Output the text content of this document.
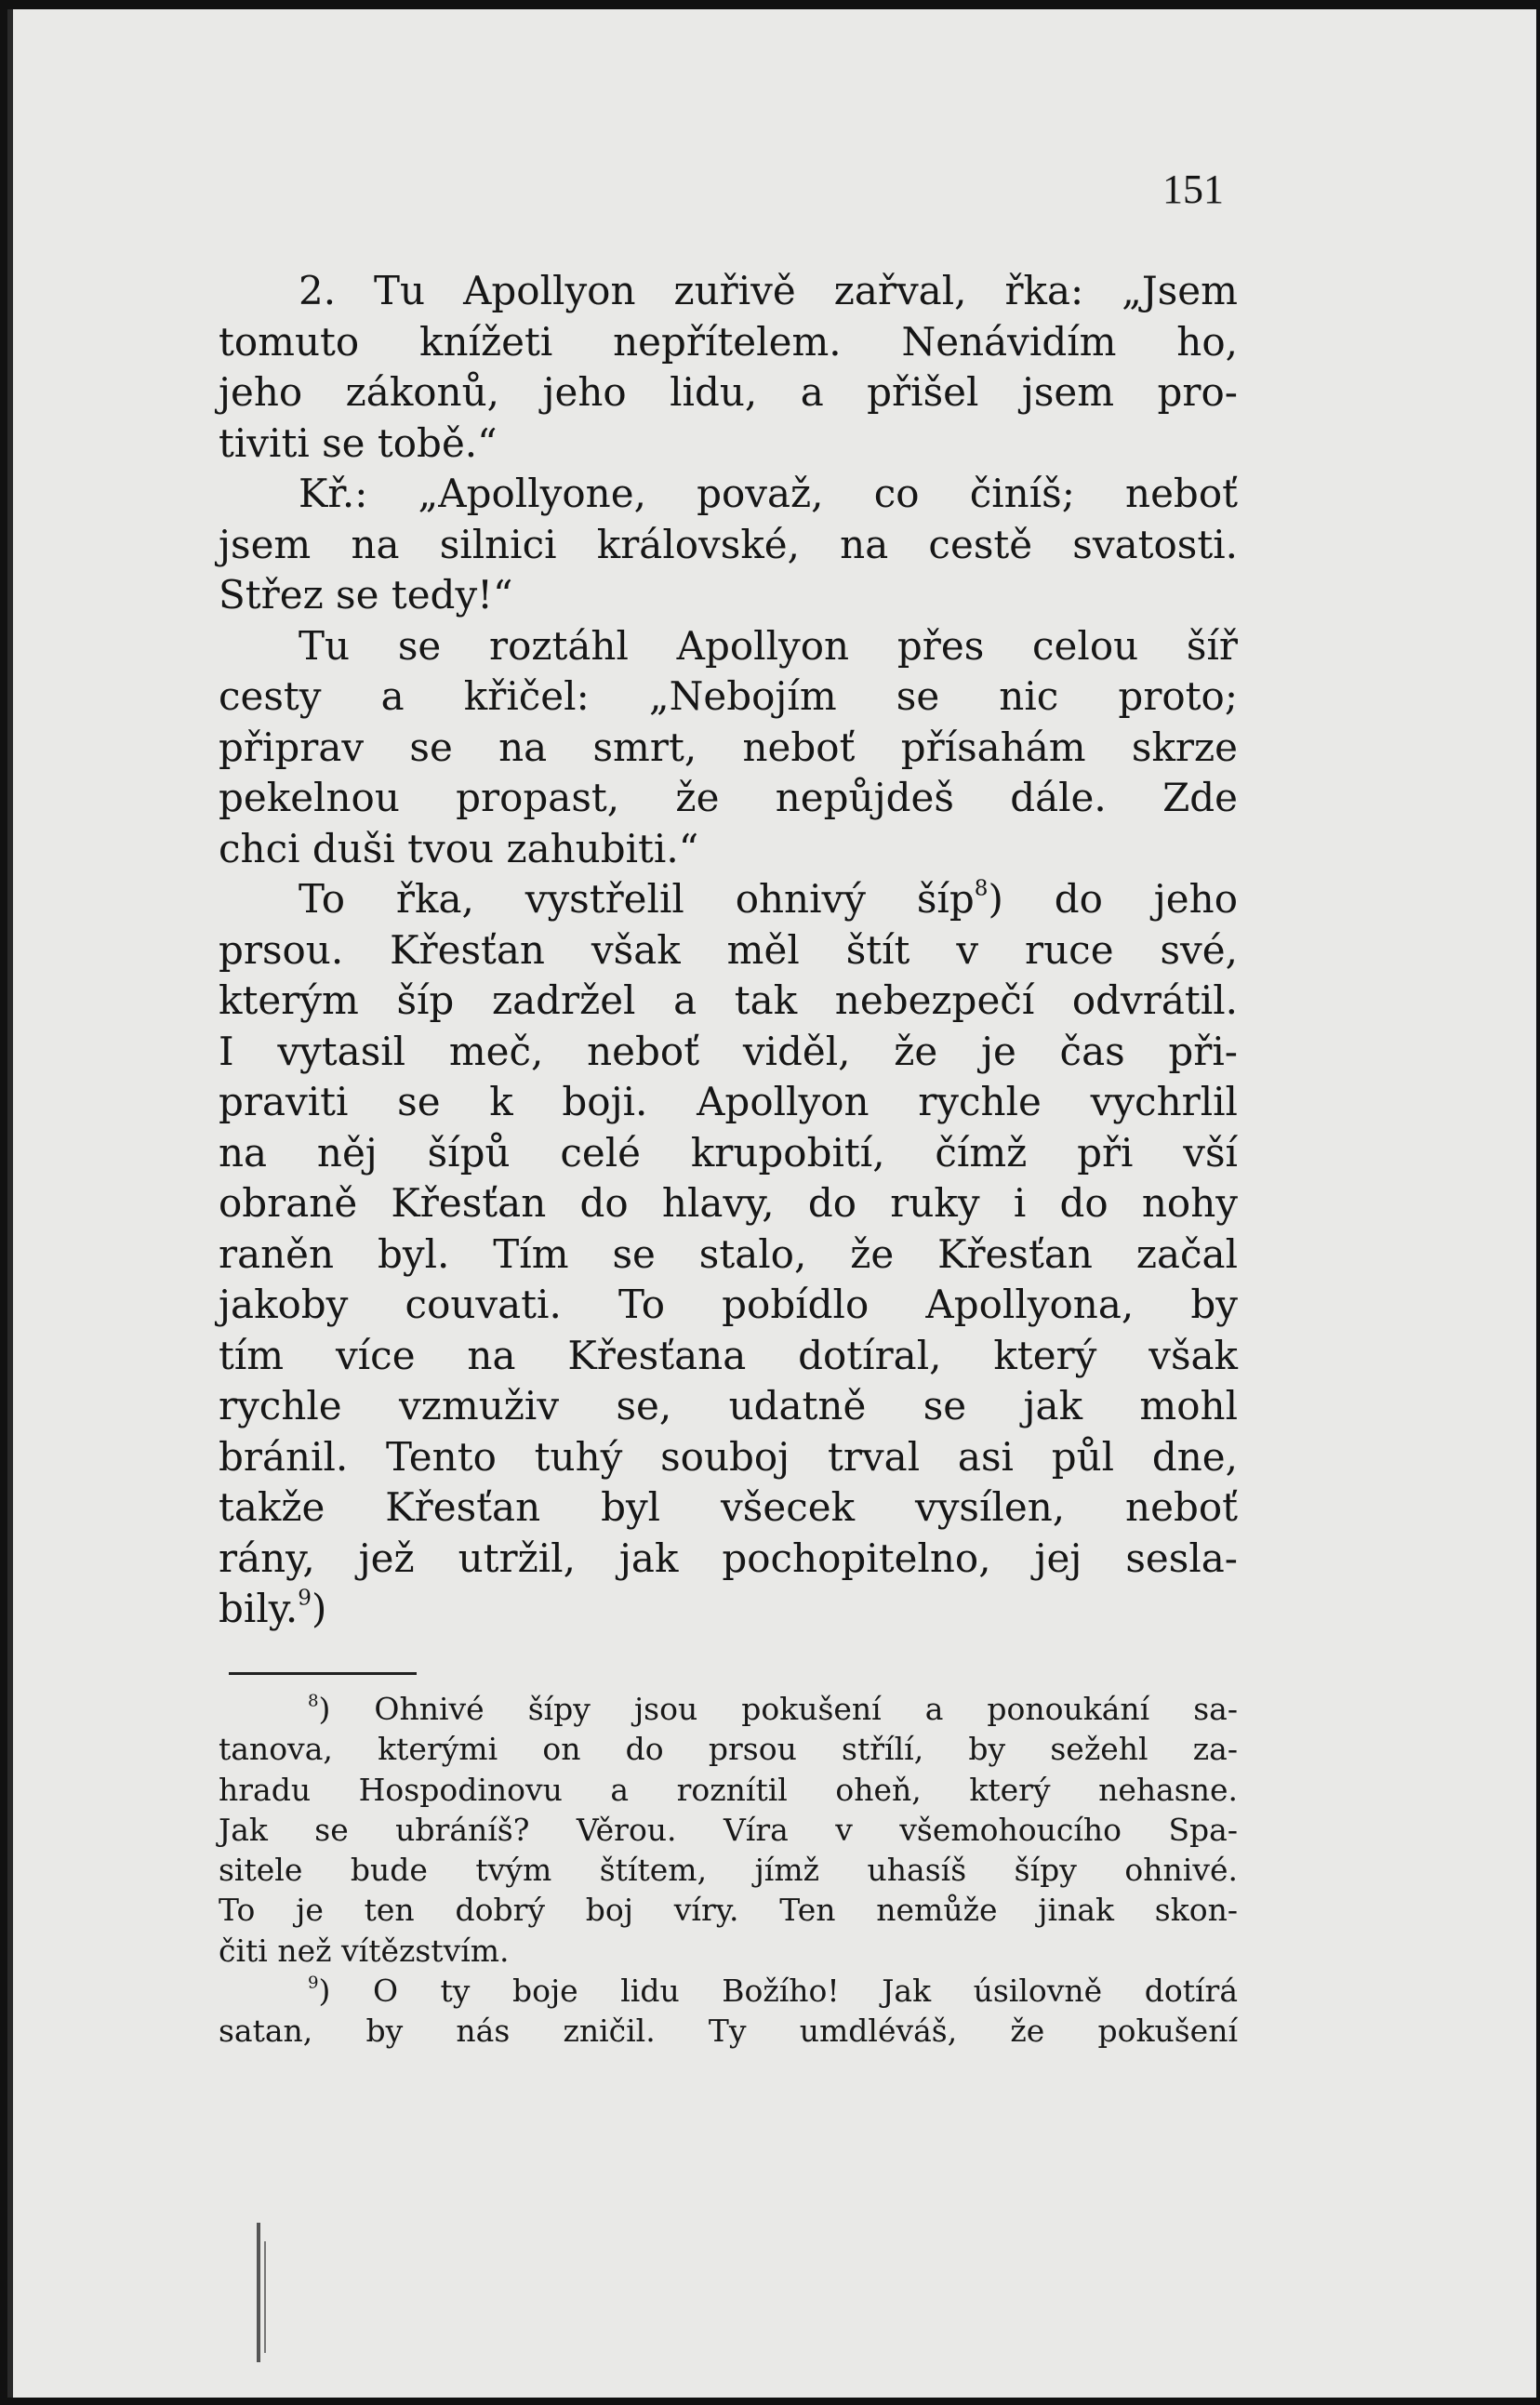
151
2. Tu Apollyon zuřivě zařval, řka: „Jsem
tomuto knížeti nepřítelem. Nenávidím ho,
jeho zákonů, jeho lidu, a přišel jsem pro-
tiviti se tobě.“
Kř.: „Apollyone, považ, co činíš; neboť
jsem na silnici královské, na cestě svatosti.
Střez se tedy!“
Tu se roztáhl Apollyon přes celou šíř
cesty a křičel: „Nebojím se nic proto;
připrav se na smrt, neboť přísahám skrze
pekelnou propast, že nepůjdeš dále. Zde
chci duši tvou zahubiti.“
To řka, vystřelil ohnivý šíp$^8$) do jeho
prsou. Křesťan však měl štít v ruce své,
kterým šíp zadržel a tak nebezpečí odvrátil.
I vytasil meč, neboť viděl, že je čas při-
praviti se k boji. Apollyon rychle vychrlil
na něj šípů celé krupobití, čímž při vší
obraně Křesťan do hlavy, do ruky i do nohy
raněn byl. Tím se stalo, že Křesťan začal
jakoby couvati. To pobídlo Apollyona, by
tím více na Křesťana dotíral, který však
rychle vzmuživ se, udatně se jak mohl
bránil. Tento tuhý souboj trval asi půl dne,
takže Křesťan byl všecek vysílen, neboť
rány, jež utržil, jak pochopitelno, jej sesla-
bily.$^9$)
$^8$) Ohnivé šípy jsou pokušení a ponoukání sa-
tanova, kterými on do prsou střílí, by sežehl za-
hradu Hospodinovu a roznítil oheň, který nehasne.
Jak se ubráníš? Věrou. Víra v všemohoucího Spa-
sitele bude tvým štítem, jímž uhasíš šípy ohnivé.
To je ten dobrý boj víry. Ten nemůže jinak skon-
čiti než vítězstvím.
$^9$) O ty boje lidu Božího! Jak úsilovně dotírá
satan, by nás zničil. Ty umdléváš, že pokušení
